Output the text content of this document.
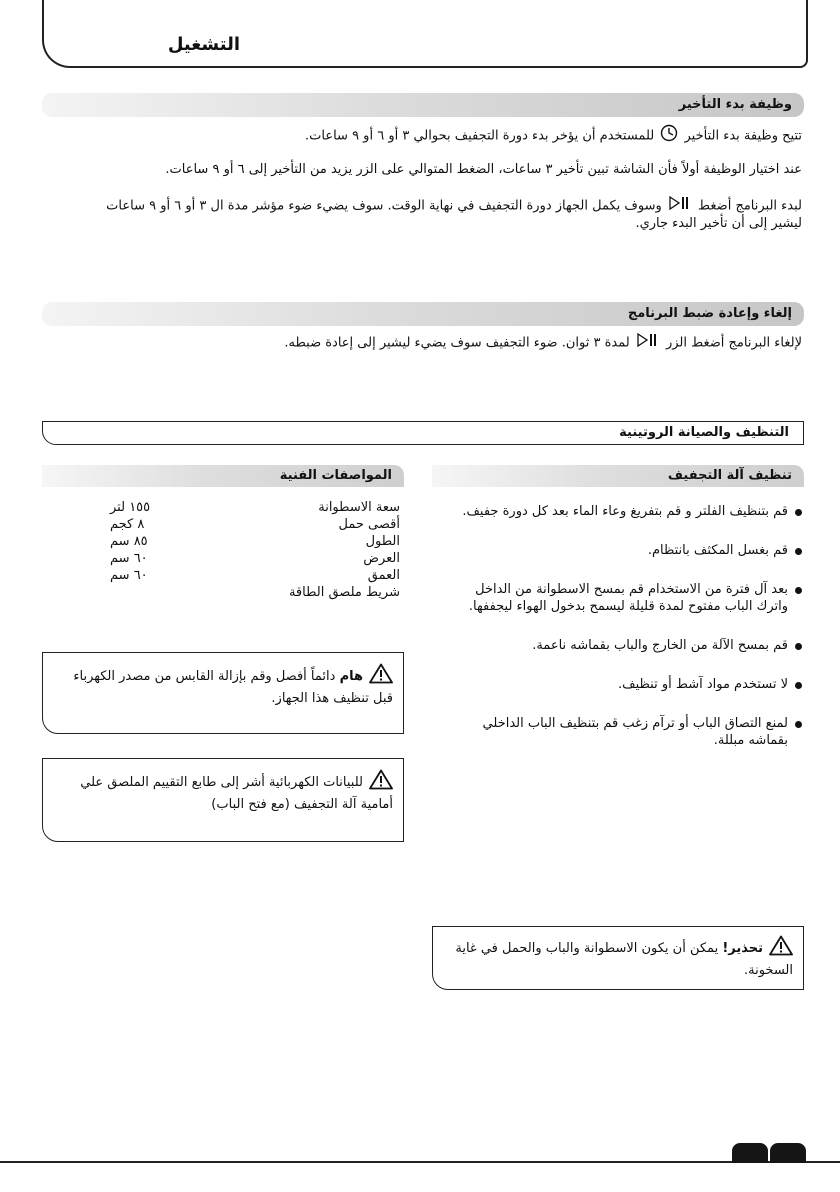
التشغيل
وظيفة بدء التأخير
تتيح وظيفة بدء التأخير  للمستخدم أن يؤخر بدء دورة التجفيف بحوالي ٣ أو ٦ أو ٩ ساعات.
عند اختيار الوظيفة أولاً فأن الشاشة تبين تأخير ٣ ساعات، الضغط المتوالي على الزر يزيد من التأخير إلى ٦ أو ٩ ساعات.
لبدء البرنامج أضغط  وسوف يكمل الجهاز دورة التجفيف في نهاية الوقت. سوف يضيء ضوء مؤشر مدة ال ٣ أو ٦ أو ٩ ساعات
ليشير إلى أن تأخير البدء جاري.
إلغاء وإعادة ضبط البرنامج
لإلغاء البرنامج أضغط الزر  لمدة ٣ ثوان. ضوء التجفيف سوف يضيء ليشير إلى إعادة ضبطه.
التنظيف والصيانة الروتينية
تنظيف آلة التجفيف
قم بتنظيف الفلتر و قم بتفريغ وعاء الماء بعد كل دورة جفيف.
قم بغسل المكثف بانتظام.
بعد آل فترة من الاستخدام قم بمسح الاسطوانة من الداخل واترك الباب مفتوح لمدة قليلة ليسمح بدخول الهواء ليجففها.
قم بمسح الآلة من الخارج والباب بقماشه ناعمة.
لا تستخدم مواد آشط أو تنظيف.
لمنع التصاق الباب أو ترآم زغب قم بتنظيف الباب الداخلي بقماشه مبللة.
تحذير! يمكن أن يكون الاسطوانة والباب والحمل في غاية السخونة.
المواصفات الفنية
سعة الاسطوانة
١٥٥ لتر
أقصى حمل
٨ كجم
الطول
٨٥ سم
العرض
٦٠ سم
العمق
٦٠ سم
شريط ملصق الطاقة
هام دائماً أفصل وقم بإزالة القابس من مصدر الكهرباء قبل تنظيف هذا الجهاز.
للبيانات الكهربائية أشر إلى طابع التقييم الملصق علي أمامية آلة التجفيف (مع فتح الباب)
